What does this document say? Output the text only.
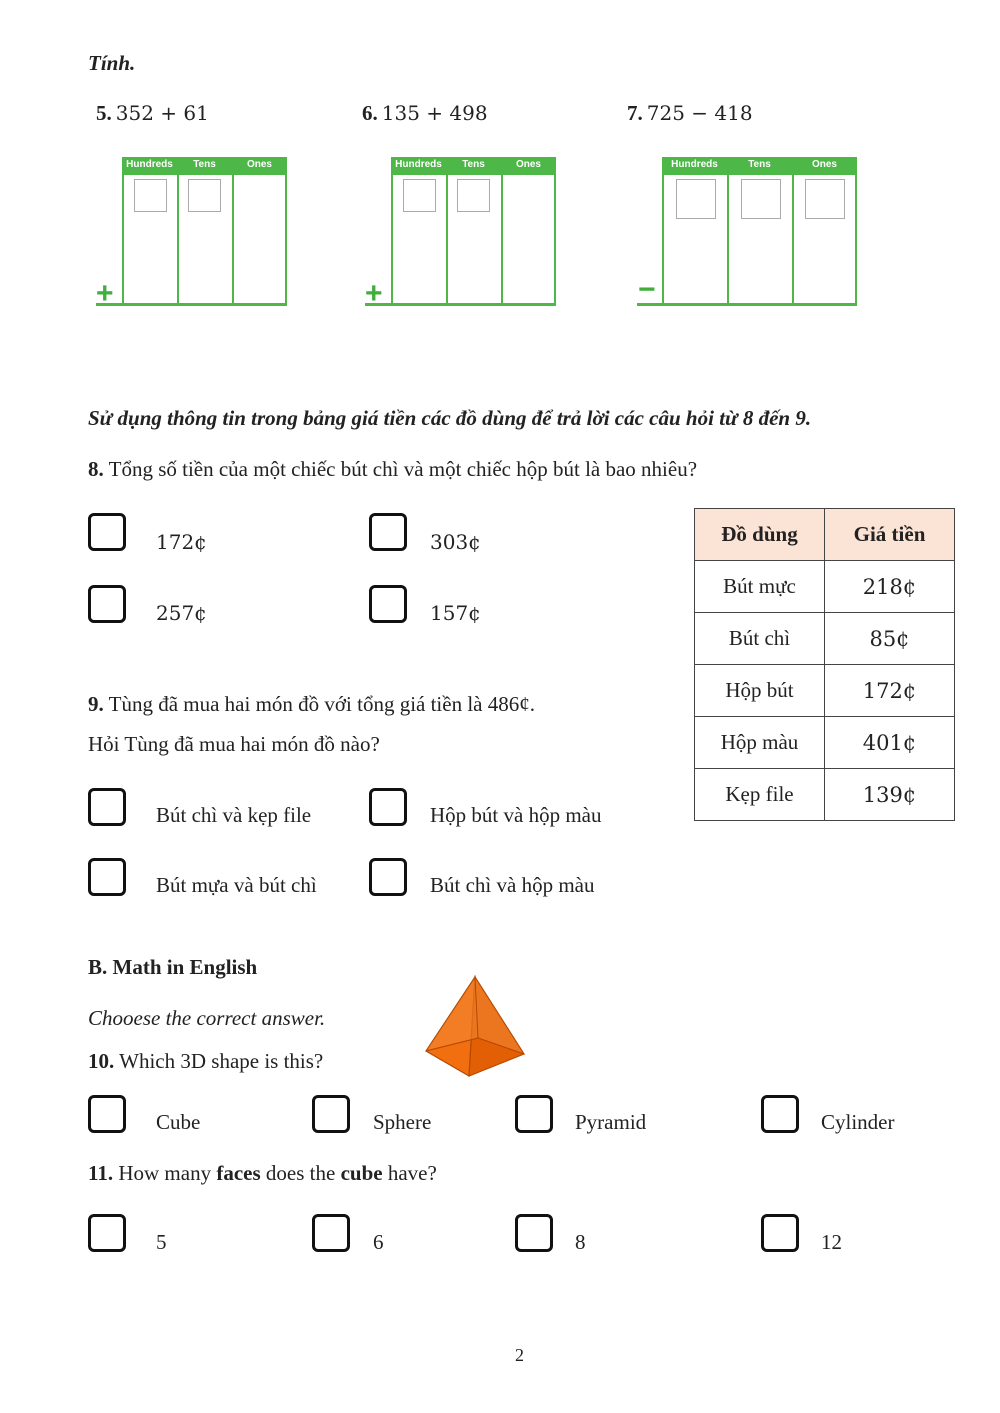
Tính.
5. 352 + 61	6. 135 + 498	7. 725 − 418
Hundreds	Tens	Ones
+
Hundreds	Tens	Ones
+
Hundreds	Tens	Ones
−
Sử dụng thông tin trong bảng giá tiền các đồ dùng để trả lời các câu hỏi từ 8 đến 9.
8. Tổng số tiền của một chiếc bút chì và một chiếc hộp bút là bao nhiêu?
172¢	303¢
257¢	157¢
Đồ dùng	Giá tiền
Bút mực	218¢
Bút chì	85¢
Hộp bút	172¢
Hộp màu	401¢
Kẹp file	139¢
9. Tùng đã mua hai món đồ với tổng giá tiền là 486¢.
Hỏi Tùng đã mua hai món đồ nào?
Bút chì và kẹp file	Hộp bút và hộp màu
Bút mựa và bút chì	Bút chì và hộp màu
B. Math in English
Chooese the correct answer.
10. Which 3D shape is this?
Cube	Sphere	Pyramid	Cylinder
11. How many faces does the cube have?
5	6	8	12
2
